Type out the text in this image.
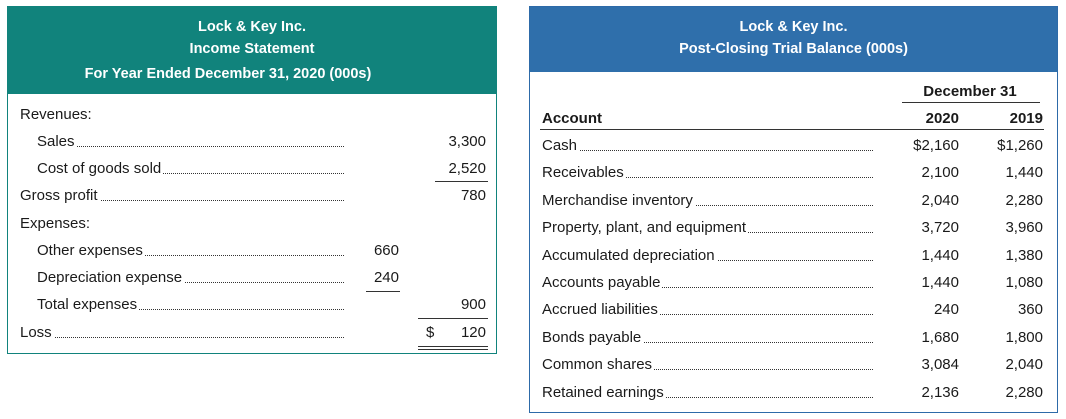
Lock & Key Inc.
Income Statement
For Year Ended December 31, 2020 (000s)
Revenues:
Sales	3,300
Cost of goods sold	2,520
Gross profit	780
Expenses:
Other expenses	660
Depreciation expense	240
Total expenses	900
Loss	$ 120
Lock & Key Inc.
Post-Closing Trial Balance (000s)
December 31
Account	2020	2019
Cash	$2,160	$1,260
Receivables	2,100	1,440
Merchandise inventory	2,040	2,280
Property, plant, and equipment	3,720	3,960
Accumulated depreciation	1,440	1,380
Accounts payable	1,440	1,080
Accrued liabilities	240	360
Bonds payable	1,680	1,800
Common shares	3,084	2,040
Retained earnings	2,136	2,280
